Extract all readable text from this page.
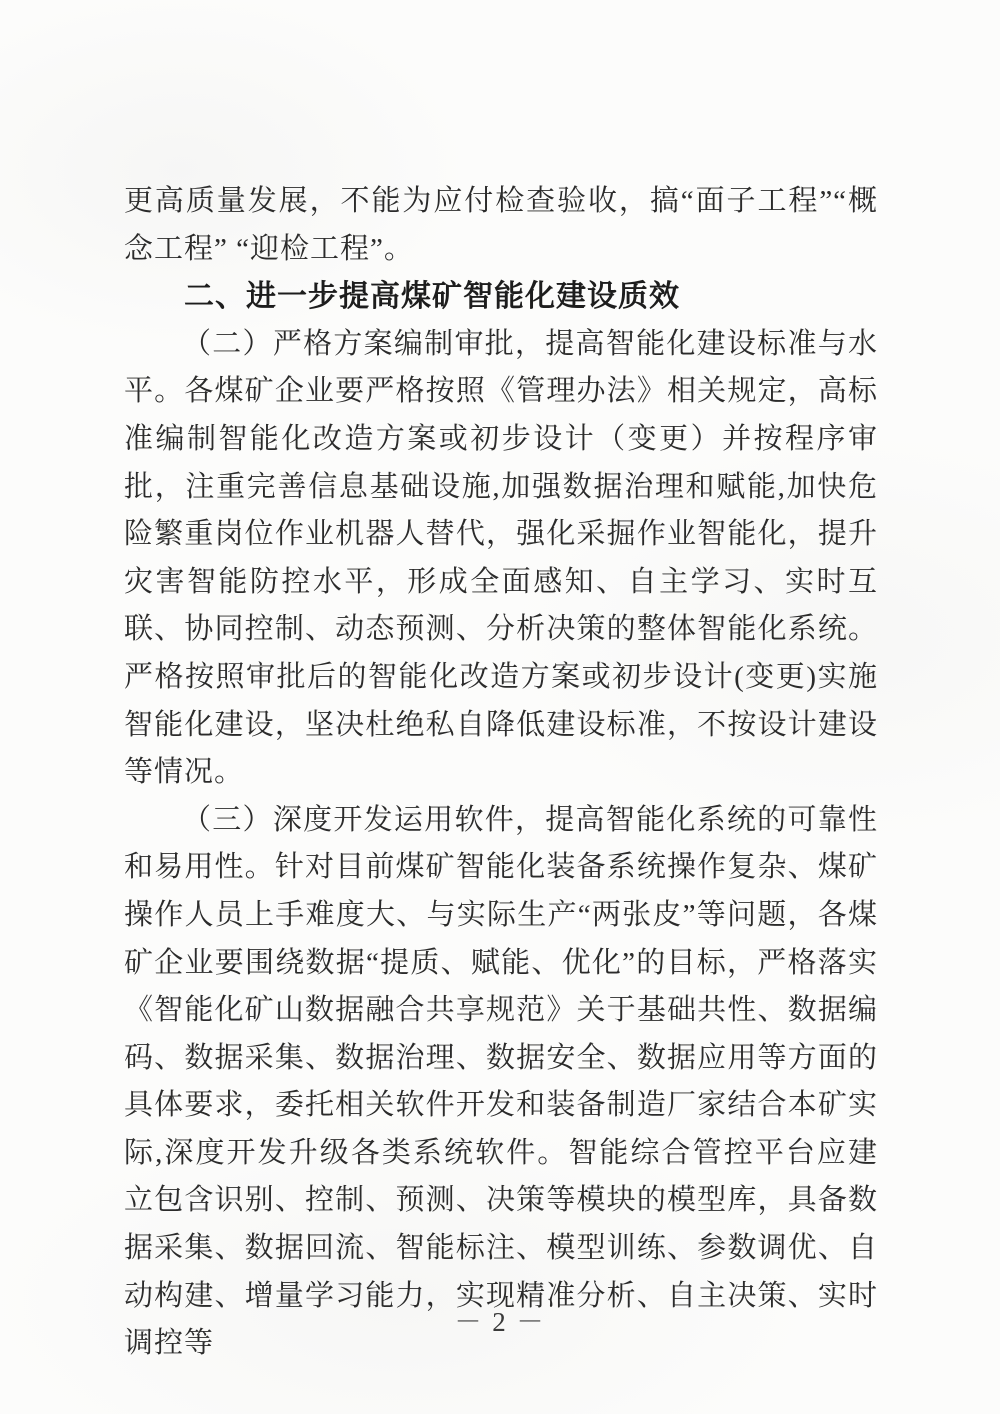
更高质量发展，不能为应付检查验收，搞“面子工程”“概念工程” “迎检工程”。

二、进一步提高煤矿智能化建设质效

（二）严格方案编制审批，提高智能化建设标准与水平。各煤矿企业要严格按照《管理办法》相关规定，高标准编制智能化改造方案或初步设计（变更）并按程序审批，注重完善信息基础设施,加强数据治理和赋能,加快危险繁重岗位作业机器人替代，强化采掘作业智能化，提升灾害智能防控水平，形成全面感知、自主学习、实时互联、协同控制、动态预测、分析决策的整体智能化系统。严格按照审批后的智能化改造方案或初步设计(变更)实施智能化建设，坚决杜绝私自降低建设标准，不按设计建设等情况。

（三）深度开发运用软件，提高智能化系统的可靠性和易用性。针对目前煤矿智能化装备系统操作复杂、煤矿操作人员上手难度大、与实际生产“两张皮”等问题，各煤矿企业要围绕数据“提质、赋能、优化”的目标，严格落实《智能化矿山数据融合共享规范》关于基础共性、数据编码、数据采集、数据治理、数据安全、数据应用等方面的具体要求，委托相关软件开发和装备制造厂家结合本矿实际,深度开发升级各类系统软件。智能综合管控平台应建立包含识别、控制、预测、决策等模块的模型库，具备数据采集、数据回流、智能标注、模型训练、参数调优、自动构建、增量学习能力，实现精准分析、自主决策、实时调控等

－ 2 －
